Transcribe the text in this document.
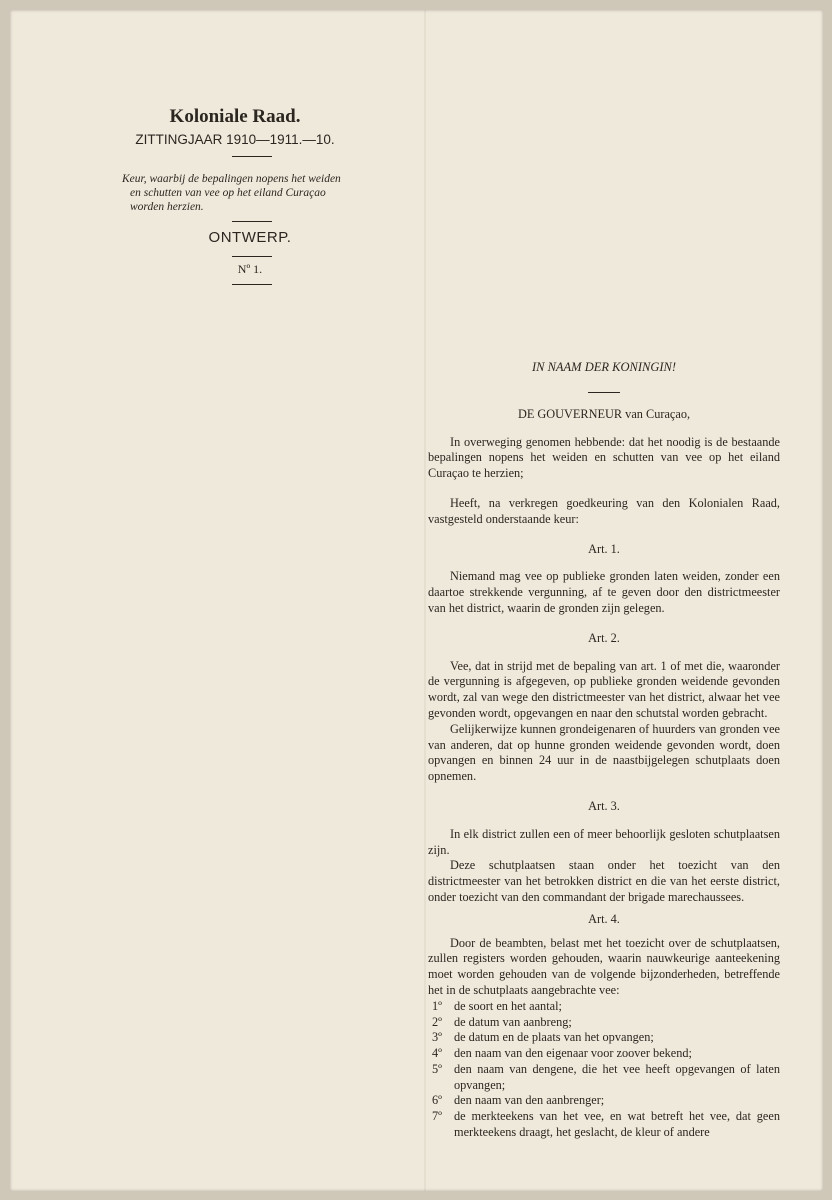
Koloniale Raad.
ZITTINGJAAR 1910—1911.—10.
Keur, waarbij de bepalingen nopens het weiden
en schutten van vee op het eiland Curaçao
worden herzien.
ONTWERP.
Nº 1.
IN NAAM DER KONINGIN!
DE GOUVERNEUR van Curaçao,

In overweging genomen hebbende: dat het noodig is de bestaande bepalingen nopens het weiden en schutten van vee op het eiland Curaçao te herzien;

Heeft, na verkregen goedkeuring van den Kolonialen Raad, vastgesteld onderstaande keur:

Art. 1.

Niemand mag vee op publieke gronden laten weiden, zonder een daartoe strekkende vergunning, af te geven door den districtmeester van het district, waarin de gronden zijn gelegen.

Art. 2.

Vee, dat in strijd met de bepaling van art. 1 of met die, waaronder de vergunning is afgegeven, op publieke gronden weidende gevonden wordt, zal van wege den districtmeester van het district, alwaar het vee gevonden wordt, opgevangen en naar den schutstal worden gebracht.

Gelijkerwijze kunnen grondeigenaren of huurders van gronden vee van anderen, dat op hunne gronden weidende gevonden wordt, doen opvangen en binnen 24 uur in de naastbijgelegen schutplaats doen opnemen.

Art. 3.

In elk district zullen een of meer behoorlijk gesloten schutplaatsen zijn.

Deze schutplaatsen staan onder het toezicht van den districtmeester van het betrokken district en die van het eerste district, onder toezicht van den commandant der brigade marechaussees.

Art. 4.

Door de beambten, belast met het toezicht over de schutplaatsen, zullen registers worden gehouden, waarin nauwkeurige aanteekening moet worden gehouden van de volgende bijzonderheden, betreffende het in de schutplaats aangebrachte vee:

1º de soort en het aantal;
2º de datum van aanbreng;
3º de datum en de plaats van het opvangen;
4º den naam van den eigenaar voor zoover bekend;
5º den naam van dengene, die het vee heeft opgevangen of laten opvangen;
6º den naam van den aanbrenger;
7º de merkteekens van het vee, en wat betreft het vee, dat geen merkteekens draagt, het geslacht, de kleur of andere
